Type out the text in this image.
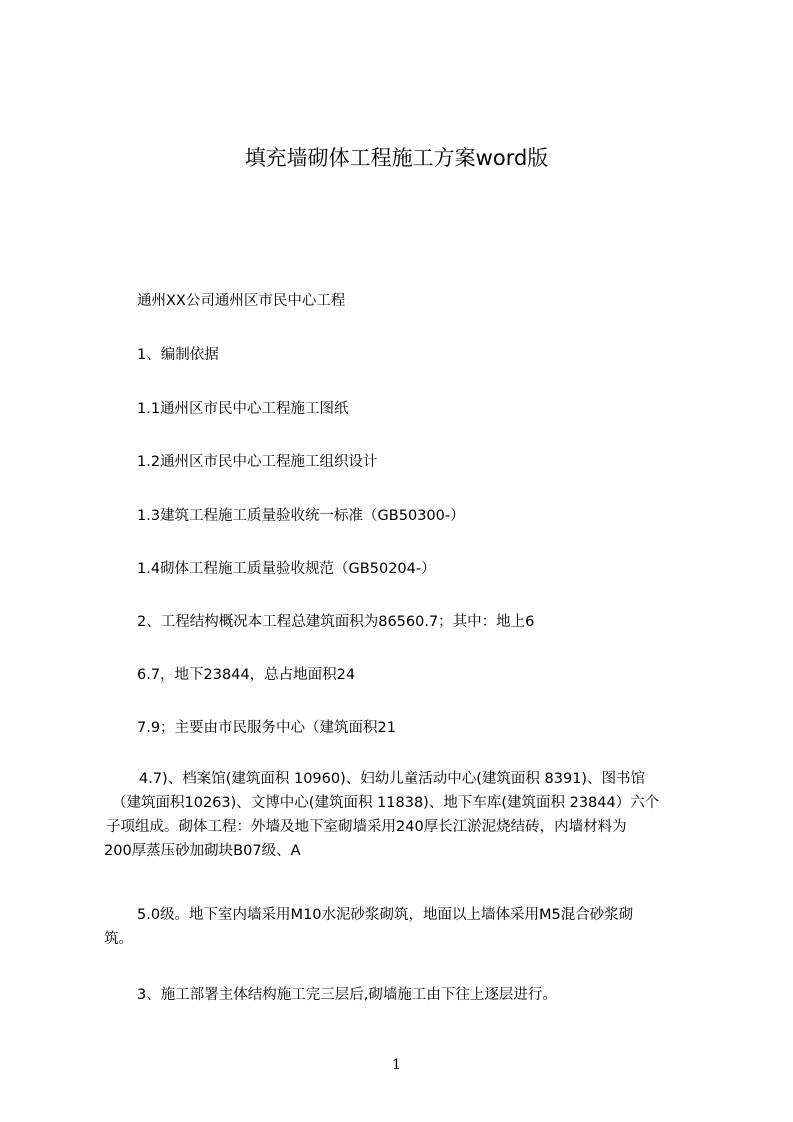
填充墙砌体工程施工方案word版
通州XX公司通州区市民中心工程
1、编制依据
1.1通州区市民中心工程施工图纸
1.2通州区市民中心工程施工组织设计
1.3建筑工程施工质量验收统一标准（GB50300-）
1.4砌体工程施工质量验收规范（GB50204-）
2、工程结构概况本工程总建筑面积为86560.7；其中：地上6
6.7，地下23844，总占地面积24
7.9；主要由市民服务中心（建筑面积21
4.7)、档案馆(建筑面积 10960)、妇幼儿童活动中心(建筑面积 8391)、图书馆
（建筑面积10263)、文博中心(建筑面积 11838)、地下车库(建筑面积 23844）六个
子项组成。砌体工程：外墙及地下室砌墙采用240厚长江淤泥烧结砖，内墙材料为
200厚蒸压砂加砌块B07级、A
5.0级。地下室内墙采用M10水泥砂浆砌筑，地面以上墙体采用M5混合砂浆砌
筑。
3、施工部署主体结构施工完三层后,砌墙施工由下往上逐层进行。
1
